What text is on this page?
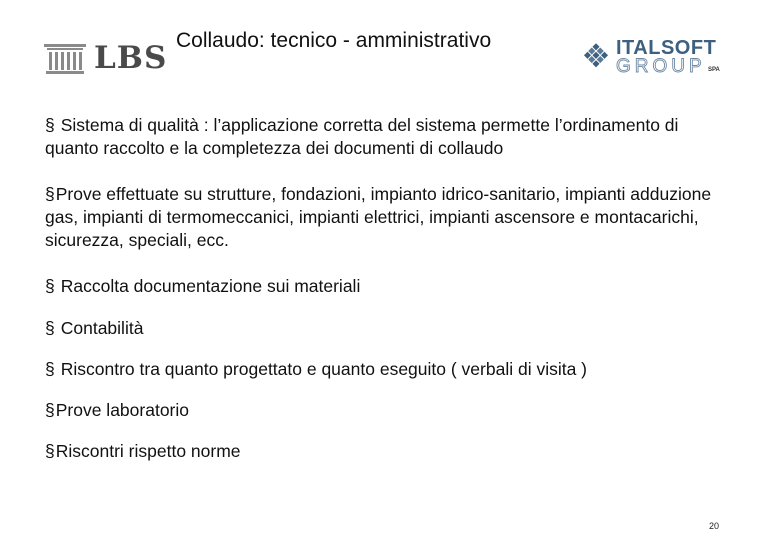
LBS Collaudo: tecnico - amministrativo	ITALSOFT
GROUP SPA
§ Sistema di qualità : l’applicazione corretta del sistema permette l’ordinamento di quanto raccolto e la completezza dei documenti di collaudo
§Prove effettuate su strutture, fondazioni, impianto idrico-sanitario, impianti adduzione gas, impianti di termomeccanici, impianti elettrici, impianti ascensore e montacarichi, sicurezza, speciali, ecc.
§ Raccolta documentazione sui materiali
§ Contabilità
§ Riscontro tra quanto progettato e quanto eseguito ( verbali di visita )
§Prove laboratorio
§Riscontri rispetto norme
20
